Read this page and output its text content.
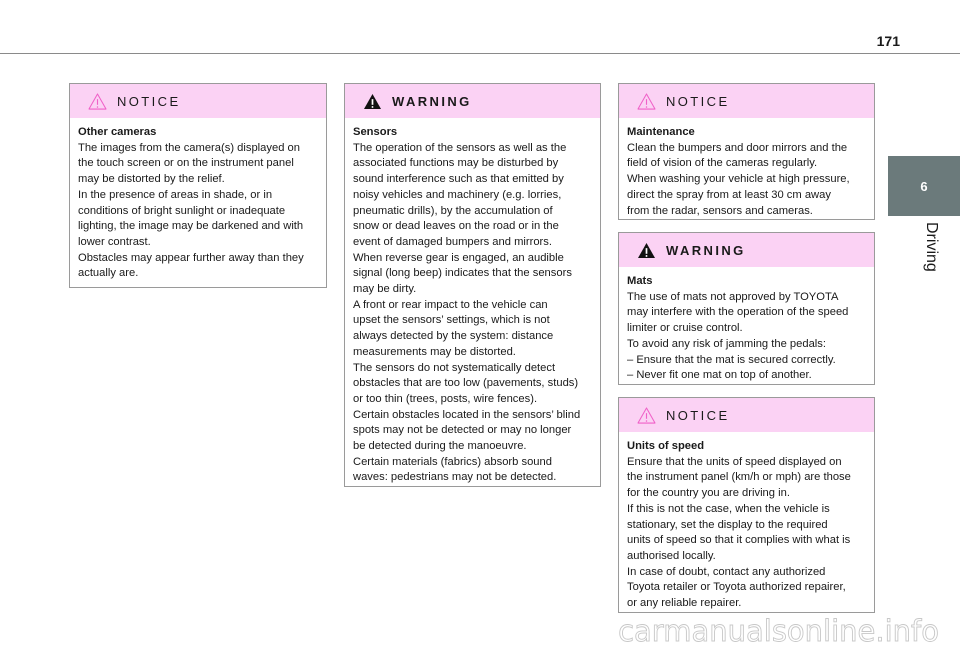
171
6
Driving
NOTICE

Other cameras

The images from the camera(s) displayed on

the touch screen or on the instrument panel

may be distorted by the relief.

In the presence of areas in shade, or in

conditions of bright sunlight or inadequate

lighting, the image may be darkened and with

lower contrast.

Obstacles may appear further away than they

actually are.

WARNING

Sensors

The operation of the sensors as well as the

associated functions may be disturbed by

sound interference such as that emitted by

noisy vehicles and machinery (e.g. lorries,

pneumatic drills), by the accumulation of

snow or dead leaves on the road or in the

event of damaged bumpers and mirrors.

When reverse gear is engaged, an audible

signal (long beep) indicates that the sensors

may be dirty.

A front or rear impact to the vehicle can

upset the sensors’ settings, which is not

always detected by the system: distance

measurements may be distorted.

The sensors do not systematically detect

obstacles that are too low (pavements, studs)

or too thin (trees, posts, wire fences).

Certain obstacles located in the sensors’ blind

spots may not be detected or may no longer

be detected during the manoeuvre.

Certain materials (fabrics) absorb sound

waves: pedestrians may not be detected.

NOTICE

Maintenance

Clean the bumpers and door mirrors and the

field of vision of the cameras regularly.

When washing your vehicle at high pressure,

direct the spray from at least 30 cm away

from the radar, sensors and cameras.

WARNING

Mats

The use of mats not approved by TOYOTA

may interfere with the operation of the speed

limiter or cruise control.

To avoid any risk of jamming the pedals:

– Ensure that the mat is secured correctly.

– Never fit one mat on top of another.

NOTICE

Units of speed

Ensure that the units of speed displayed on

the instrument panel (km/h or mph) are those

for the country you are driving in.

If this is not the case, when the vehicle is

stationary, set the display to the required

units of speed so that it complies with what is

authorised locally.

In case of doubt, contact any authorized

Toyota retailer or Toyota authorized repairer,

or any reliable repairer.

carmanualsonline.info
